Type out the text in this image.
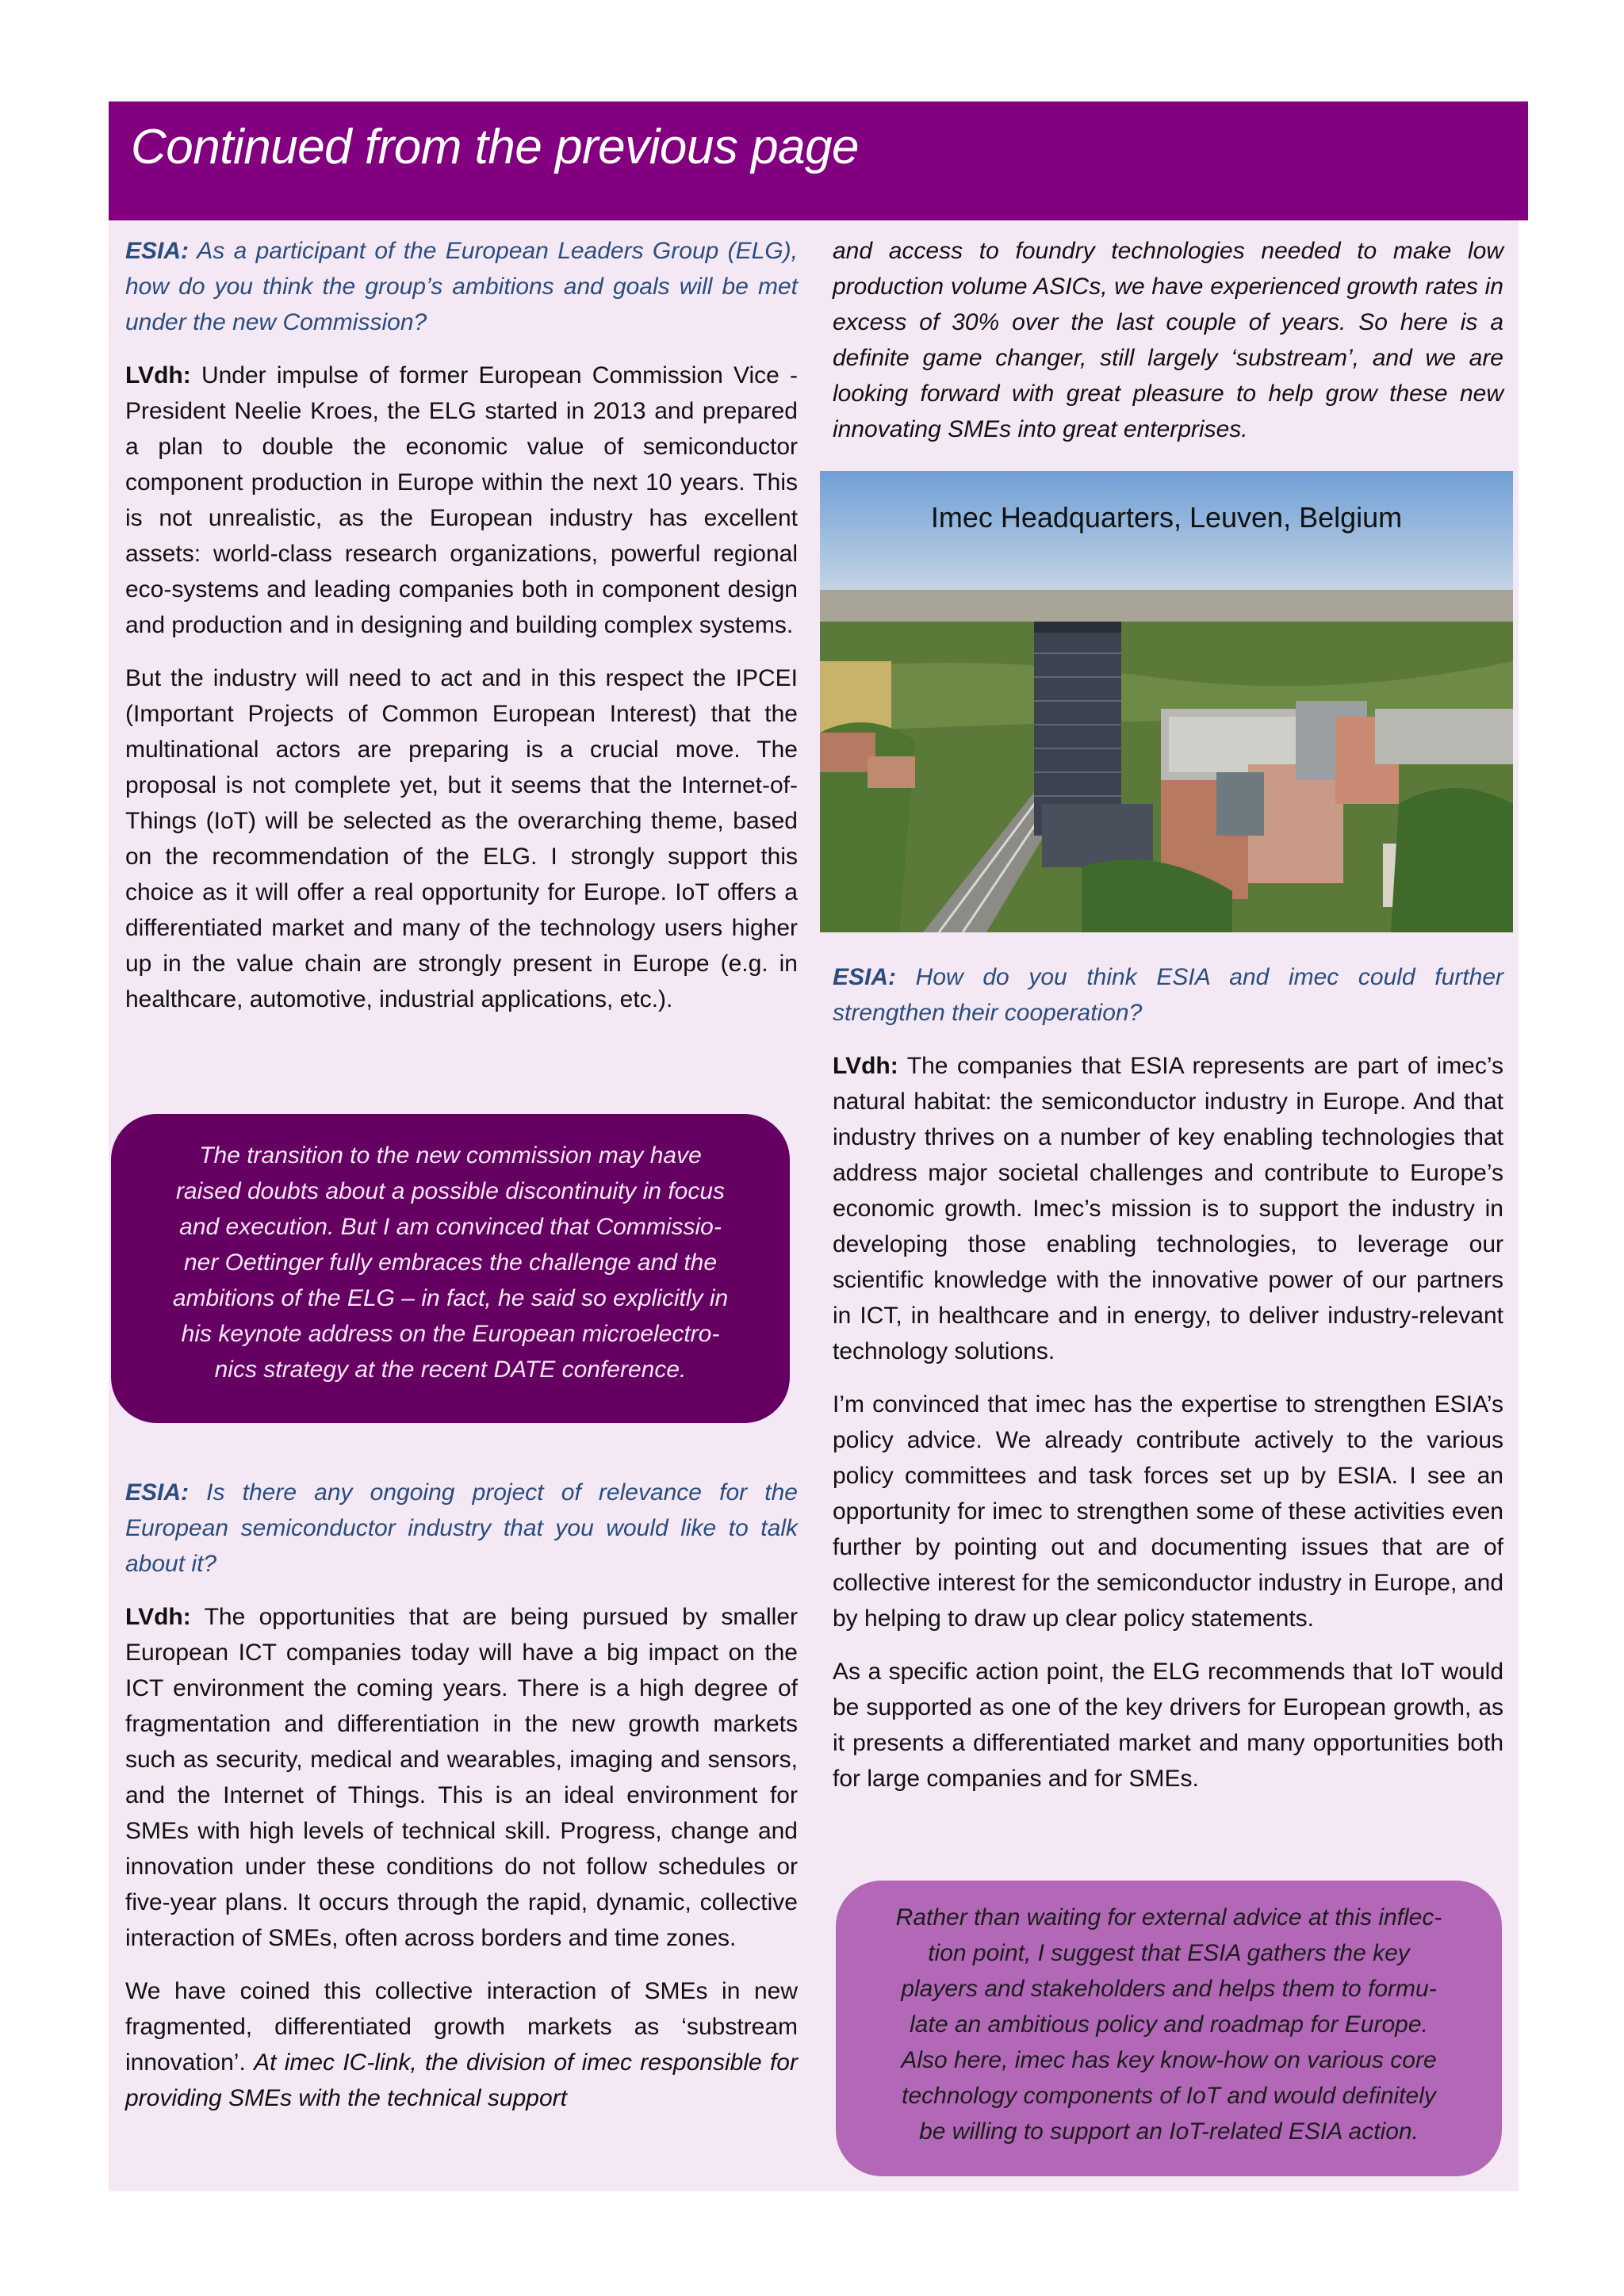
Continued from the previous page

ESIA: As a participant of the European Leaders Group (ELG), how do you think the group’s ambitions and goals will be met under the new Commission?

LVdh: Under impulse of former European Commission Vice -President Neelie Kroes, the ELG started in 2013 and prepared a plan to double the economic value of semiconductor component production in Europe within the next 10 years. This is not unrealistic, as the European industry has excellent assets: world-class research organizations, powerful regional eco-systems and leading companies both in component design and production and in designing and building complex systems.

But the industry will need to act and in this respect the IPCEI (Important Projects of Common European Interest) that the multinational actors are preparing is a crucial move. The proposal is not complete yet, but it seems that the Internet-of-Things (IoT) will be selected as the overarching theme, based on the recommendation of the ELG. I strongly support this choice as it will offer a real opportunity for Europe. IoT offers a differentiated market and many of the technology users higher up in the value chain are strongly present in Europe (e.g. in healthcare, automotive, industrial applications, etc.).

The transition to the new commission may have

raised doubts about a possible discontinuity in focus

and execution. But I am convinced that Commissio-

ner Oettinger fully embraces the challenge and the

ambitions of the ELG – in fact, he said so explicitly in

his keynote address on the European microelectro-

nics strategy at the recent DATE conference.

ESIA: Is there any ongoing project of relevance for the European semiconductor industry that you would like to talk about it?

LVdh: The opportunities that are being pursued by smaller European ICT companies today will have a big impact on the ICT environment the coming years. There is a high degree of fragmentation and differentiation in the new growth markets such as security, medical and wearables, imaging and sensors, and the Internet of Things. This is an ideal environment for SMEs with high levels of technical skill. Progress, change and innovation under these conditions do not follow schedules or five-year plans. It occurs through the rapid, dynamic, collective interaction of SMEs, often across borders and time zones.

We have coined this collective interaction of SMEs in new fragmented, differentiated growth markets as ‘substream innovation’. At imec IC-link, the division of imec responsible for providing SMEs with the technical support

and access to foundry technologies needed to make low production volume ASICs, we have experienced growth rates in excess of 30% over the last couple of years. So here is a definite game changer, still largely ‘substream’, and we are looking forward with great pleasure to help grow these new innovating SMEs into great enterprises.

Imec Headquarters, Leuven, Belgium

ESIA: How do you think ESIA and imec could further strengthen their cooperation?

LVdh: The companies that ESIA represents are part of imec’s natural habitat: the semiconductor industry in Europe. And that industry thrives on a number of key enabling technologies that address major societal challenges and contribute to Europe’s economic growth. Imec’s mission is to support the industry in developing those enabling technologies, to leverage our scientific knowledge with the innovative power of our partners in ICT, in healthcare and in energy, to deliver industry-relevant technology solutions.

I’m convinced that imec has the expertise to strengthen ESIA’s policy advice. We already contribute actively to the various policy committees and task forces set up by ESIA. I see an opportunity for imec to strengthen some of these activities even further by pointing out and documenting issues that are of collective interest for the semiconductor industry in Europe, and by helping to draw up clear policy statements.

As a specific action point, the ELG recommends that IoT would be supported as one of the key drivers for European growth, as it presents a differentiated market and many opportunities both for large companies and for SMEs.

Rather than waiting for external advice at this inflec-

tion point, I suggest that ESIA gathers the key

players and stakeholders and helps them to formu-

late an ambitious policy and roadmap for Europe.

Also here, imec has key know-how on various core

technology components of IoT and would definitely

be willing to support an IoT-related ESIA action.
